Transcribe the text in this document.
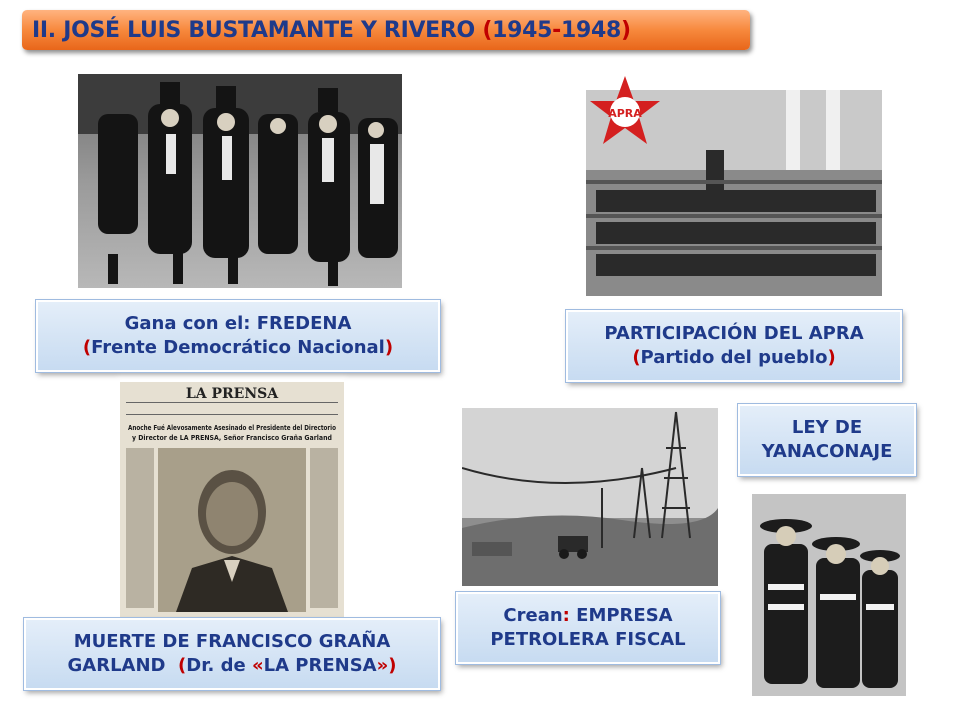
II. JOSÉ LUIS BUSTAMANTE Y RIVERO (1945-1948)
APRA
Gana con el: FREDENA
(Frente Democrático Nacional)
PARTICIPACIÓN DEL APRA
(Partido del pueblo)
LA PRENSA
Anoche Fué Alevosamente Asesinado el Presidente del Directorio
y Director de LA PRENSA, Señor Francisco Graña Garland	LEY DE
YANACONAJE
Crean: EMPRESA
PETROLERA FISCAL
MUERTE DE FRANCISCO GRAÑA
GARLAND  (Dr. de «LA PRENSA»)
